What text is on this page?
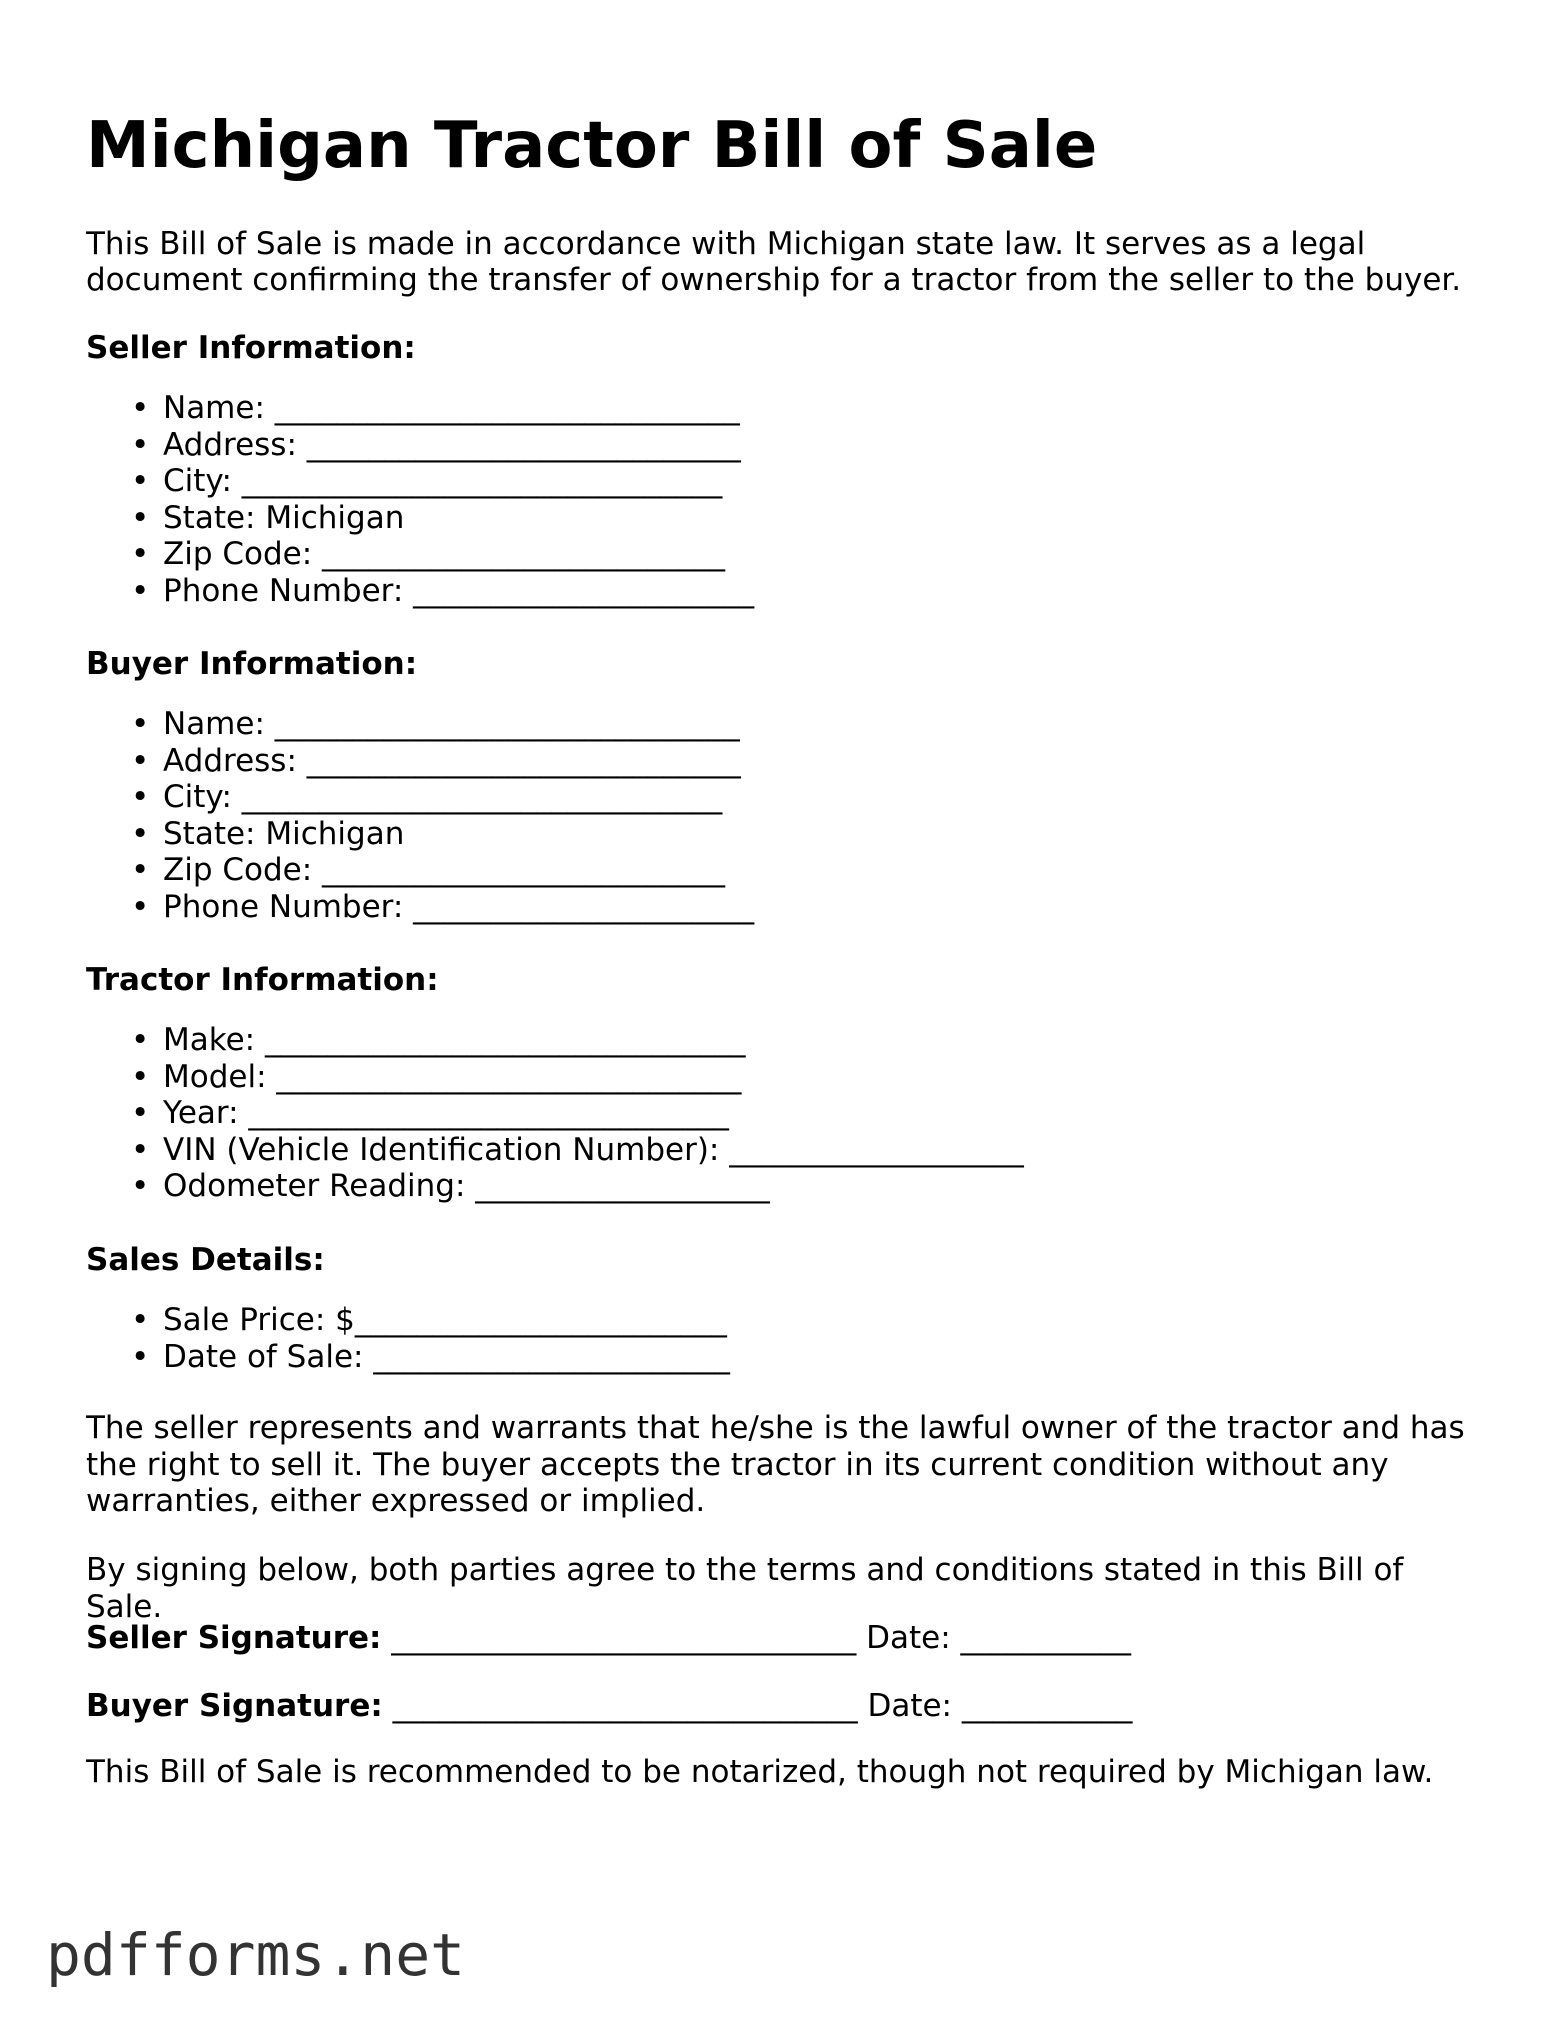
Michigan Tractor Bill of Sale

This Bill of Sale is made in accordance with Michigan state law. It serves as a legal document confirming the transfer of ownership for a tractor from the seller to the buyer.

Seller Information:

• Name: ______________________________
• Address: ____________________________
• City: _______________________________
• State: Michigan
• Zip Code: __________________________
• Phone Number: ______________________

Buyer Information:

• Name: ______________________________
• Address: ____________________________
• City: _______________________________
• State: Michigan
• Zip Code: __________________________
• Phone Number: ______________________

Tractor Information:

• Make: _______________________________
• Model: ______________________________
• Year: _______________________________
• VIN (Vehicle Identification Number): ___________________
• Odometer Reading: ___________________

Sales Details:

• Sale Price: $________________________
• Date of Sale: _______________________

The seller represents and warrants that he/she is the lawful owner of the tractor and has the right to sell it. The buyer accepts the tractor in its current condition without any warranties, either expressed or implied.

By signing below, both parties agree to the terms and conditions stated in this Bill of Sale.

Seller Signature: ______________________________ Date: ___________
Buyer Signature: ______________________________ Date: ___________

This Bill of Sale is recommended to be notarized, though not required by Michigan law.

pdfforms.net
